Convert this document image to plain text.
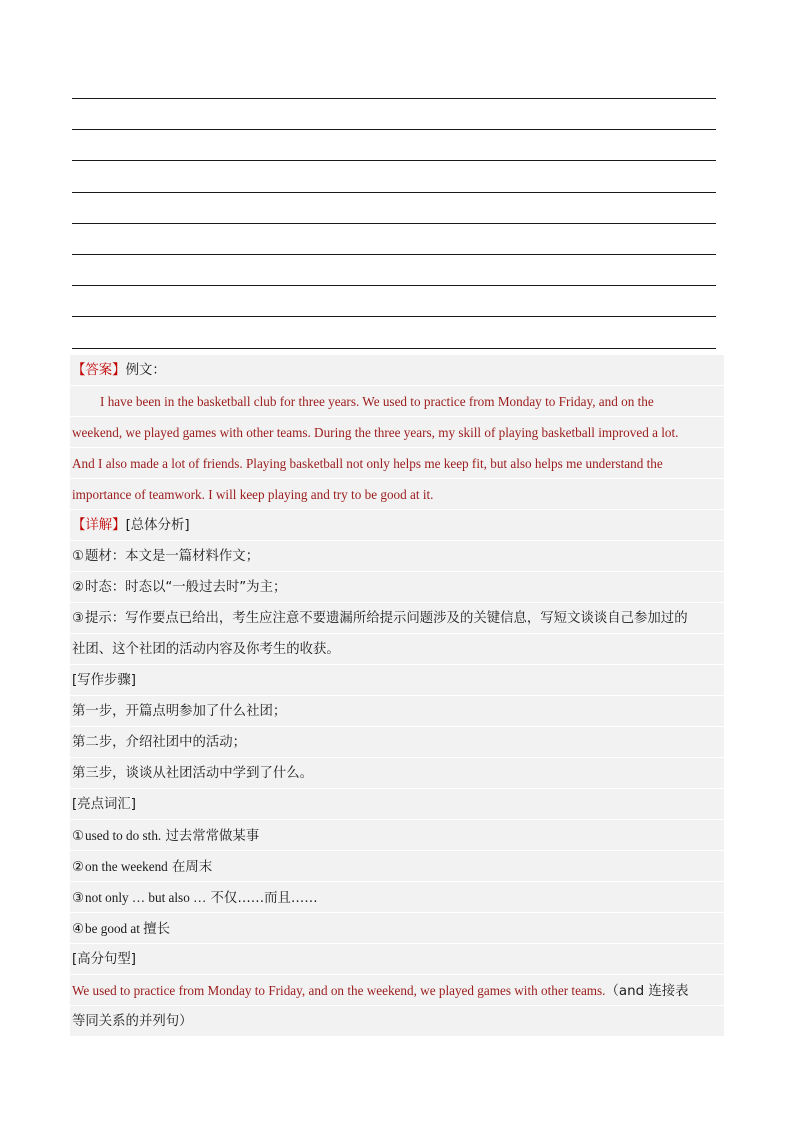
【答案】例文：
I have been in the basketball club for three years. We used to practice from Monday to Friday, and on the
weekend, we played games with other teams. During the three years, my skill of playing basketball improved a lot.
And I also made a lot of friends. Playing basketball not only helps me keep fit, but also helps me understand the
importance of teamwork. I will keep playing and try to be good at it.
【详解】[总体分析]
①题材：本文是一篇材料作文；
②时态：时态以“一般过去时”为主；
③提示：写作要点已给出，考生应注意不要遗漏所给提示问题涉及的关键信息，写短文谈谈自己参加过的
社团、这个社团的活动内容及你考生的收获。
[写作步骤]
第一步，开篇点明参加了什么社团；
第二步，介绍社团中的活动；
第三步，谈谈从社团活动中学到了什么。
[亮点词汇]
①used to do sth. 过去常常做某事
②on the weekend 在周末
③not only … but also … 不仅……而且……
④be good at 擅长
[高分句型]
We used to practice from Monday to Friday, and on the weekend, we played games with other teams.（and 连接表
等同关系的并列句）
